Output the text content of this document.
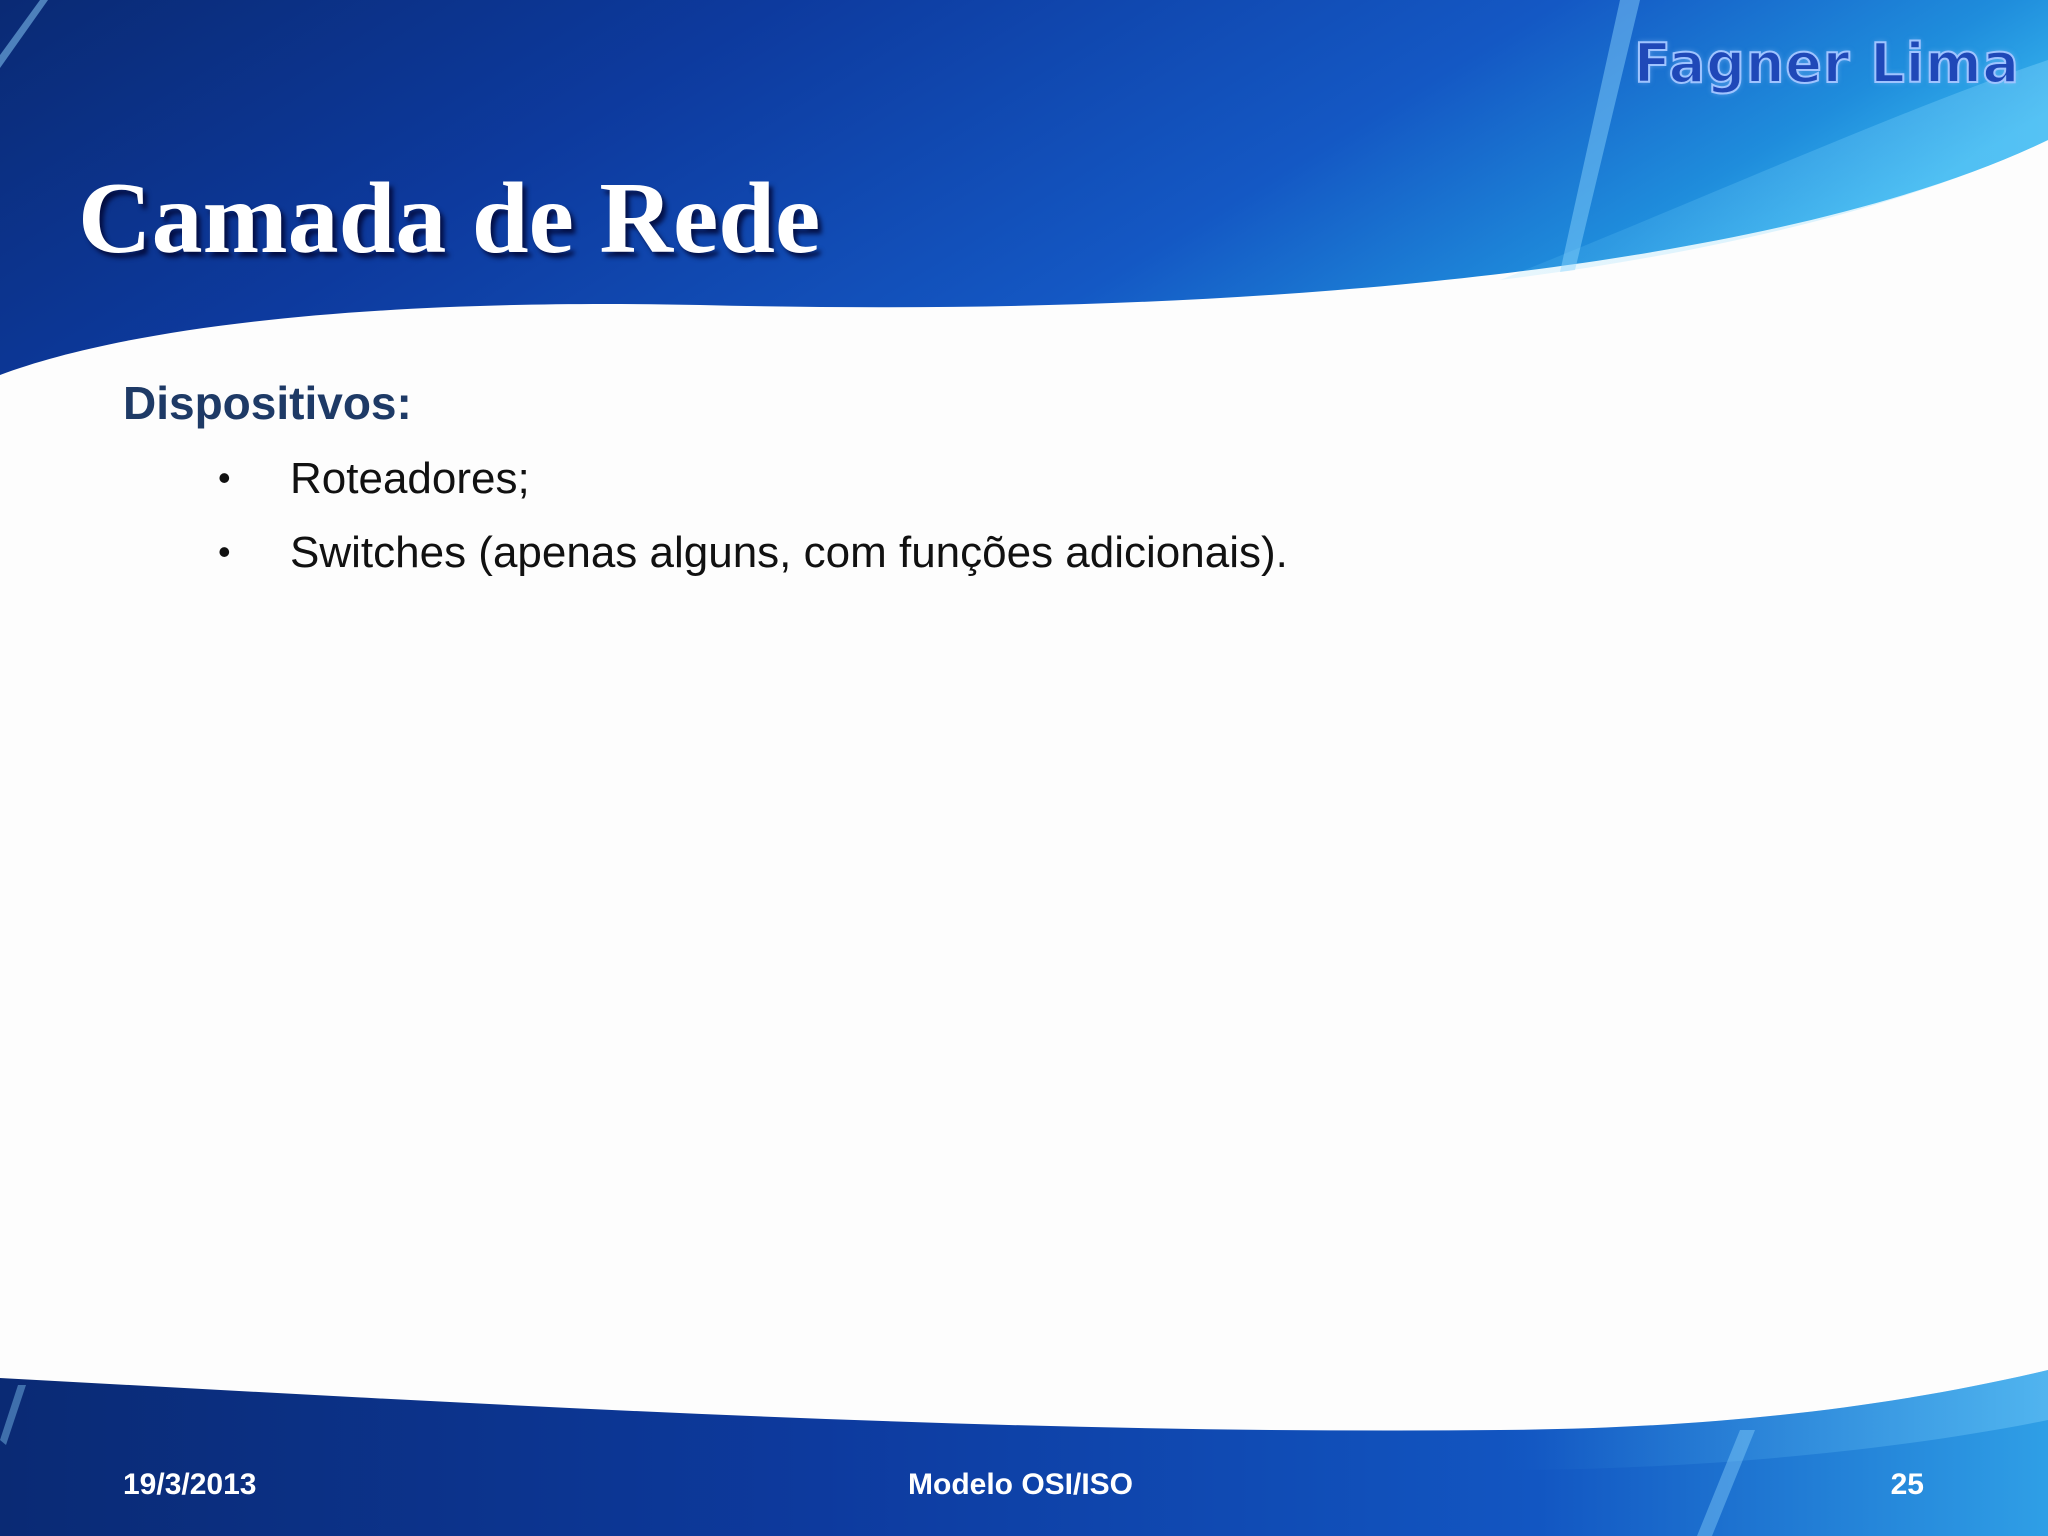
Fagner Lima
Camada de Rede
Dispositivos:
• Roteadores;
• Switches (apenas alguns, com funções adicionais).
19/3/2013	Modelo OSI/ISO	25
